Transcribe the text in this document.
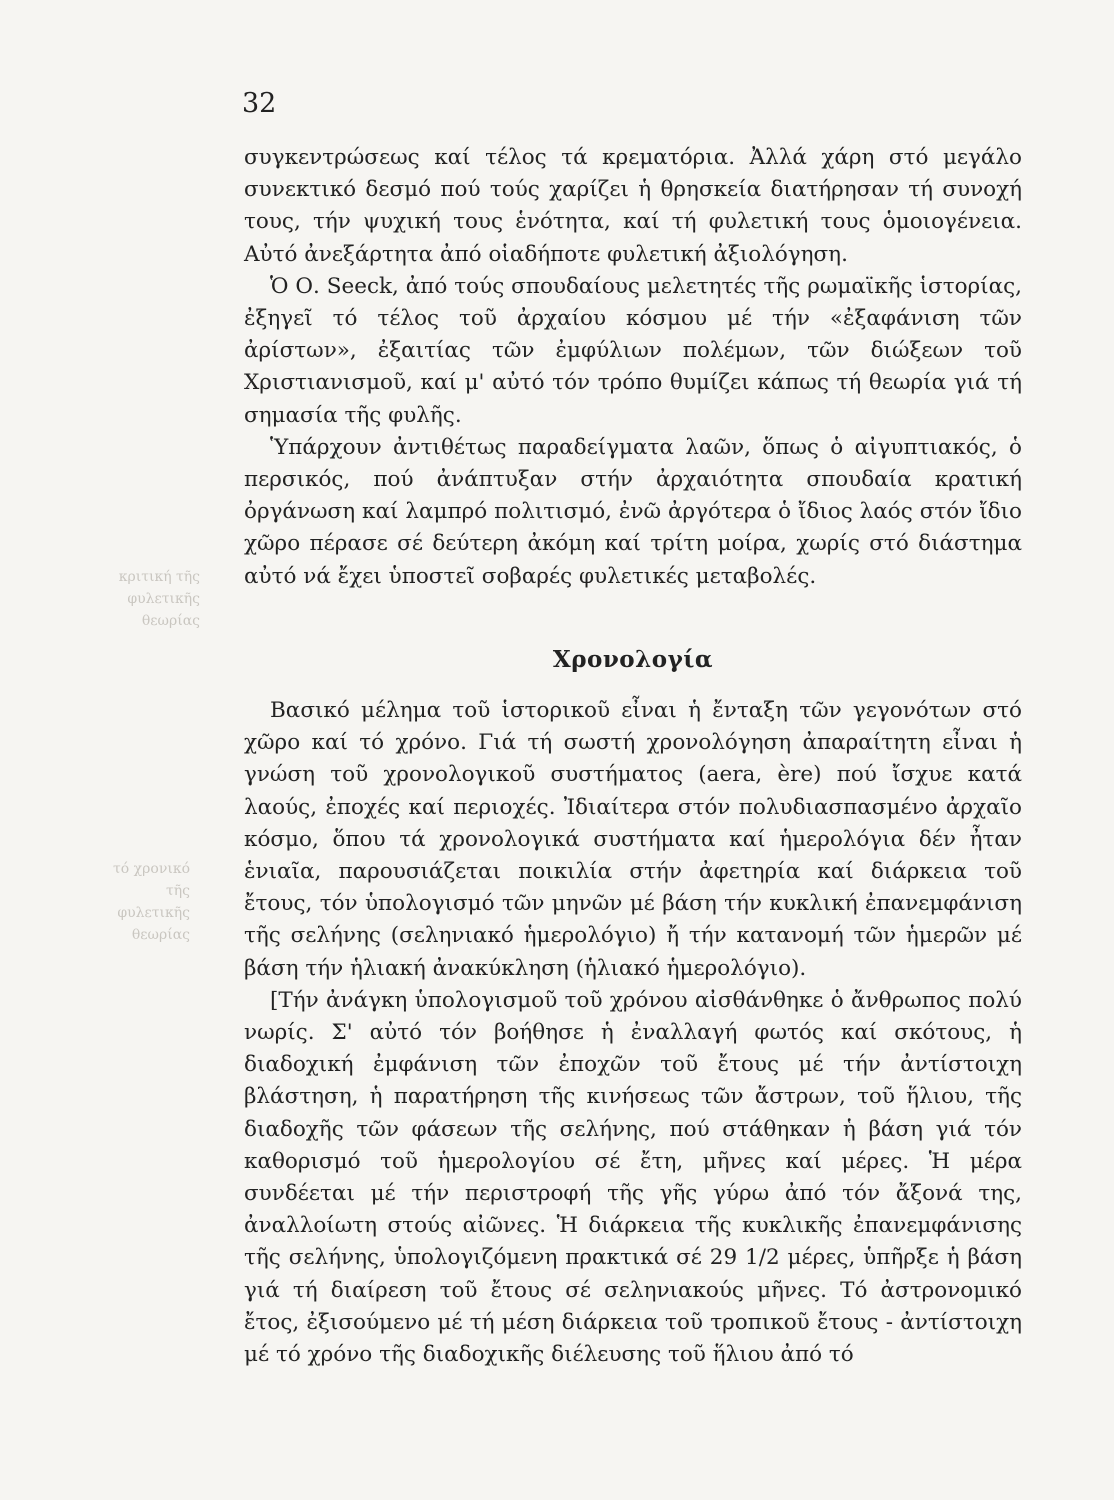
32
κριτική τῆς φυλετικῆς θεωρίας
τό χρονικό τῆς φυλετικῆς θεωρίας

συγκεντρώσεως καί τέλος τά κρεματόρια. Ἀλλά χάρη στό μεγάλο συνεκτικό δεσμό πού τούς χαρίζει ἡ θρησκεία διατήρησαν τή συνοχή τους, τήν ψυχική τους ἑνότητα, καί τή φυλετική τους ὁμοιογένεια. Αὐτό ἀνεξάρτητα ἀπό οἱαδήποτε φυλετική ἀξιολόγηση.

Ὁ Ο. Seeck, ἀπό τούς σπουδαίους μελετητές τῆς ρωμαϊκῆς ἱστορίας, ἐξηγεῖ τό τέλος τοῦ ἀρχαίου κόσμου μέ τήν «ἐξαφάνιση τῶν ἀρίστων», ἐξαιτίας τῶν ἐμφύλιων πολέμων, τῶν διώξεων τοῦ Χριστιανισμοῦ, καί μ' αὐτό τόν τρόπο θυμίζει κάπως τή θεωρία γιά τή σημασία τῆς φυλῆς.

Ὑπάρχουν ἀντιθέτως παραδείγματα λαῶν, ὅπως ὁ αἰγυπτιακός, ὁ περσικός, πού ἀνάπτυξαν στήν ἀρχαιότητα σπουδαία κρατική ὀργάνωση καί λαμπρό πολιτισμό, ἐνῶ ἀργότερα ὁ ἴδιος λαός στόν ἴδιο χῶρο πέρασε σέ δεύτερη ἀκόμη καί τρίτη μοίρα, χωρίς στό διάστημα αὐτό νά ἔχει ὑποστεῖ σοβαρές φυλετικές μεταβολές.

Χρονολογία

Βασικό μέλημα τοῦ ἱστορικοῦ εἶναι ἡ ἔνταξη τῶν γεγονότων στό χῶρο καί τό χρόνο. Γιά τή σωστή χρονολόγηση ἀπαραίτητη εἶναι ἡ γνώση τοῦ χρονολογικοῦ συστήματος (aera, ère) πού ἴσχυε κατά λαούς, ἐποχές καί περιοχές. Ἰδιαίτερα στόν πολυδιασπασμένο ἀρχαῖο κόσμο, ὅπου τά χρονολογικά συστήματα καί ἡμερολόγια δέν ἦταν ἑνιαῖα, παρουσιάζεται ποικιλία στήν ἀφετηρία καί διάρκεια τοῦ ἔτους, τόν ὑπολογισμό τῶν μηνῶν μέ βάση τήν κυκλική ἐπανεμφάνιση τῆς σελήνης (σεληνιακό ἡμερολόγιο) ἤ τήν κατανομή τῶν ἡμερῶν μέ βάση τήν ἡλιακή ἀνακύκληση (ἡλιακό ἡμερολόγιο).

[Τήν ἀνάγκη ὑπολογισμοῦ τοῦ χρόνου αἰσθάνθηκε ὁ ἄνθρωπος πολύ νωρίς. Σ' αὐτό τόν βοήθησε ἡ ἐναλλαγή φωτός καί σκότους, ἡ διαδοχική ἐμφάνιση τῶν ἐποχῶν τοῦ ἔτους μέ τήν ἀντίστοιχη βλάστηση, ἡ παρατήρηση τῆς κινήσεως τῶν ἄστρων, τοῦ ἥλιου, τῆς διαδοχῆς τῶν φάσεων τῆς σελήνης, πού στάθηκαν ἡ βάση γιά τόν καθορισμό τοῦ ἡμερολογίου σέ ἔτη, μῆνες καί μέρες. Ἡ μέρα συνδέεται μέ τήν περιστροφή τῆς γῆς γύρω ἀπό τόν ἄξονά της, ἀναλλοίωτη στούς αἰῶνες. Ἡ διάρκεια τῆς κυκλικῆς ἐπανεμφάνισης τῆς σελήνης, ὑπολογιζόμενη πρακτικά σέ 29 1/2 μέρες, ὑπῆρξε ἡ βάση γιά τή διαίρεση τοῦ ἔτους σέ σεληνιακούς μῆνες. Τό ἀστρονομικό ἔτος, ἐξισούμενο μέ τή μέση διάρκεια τοῦ τροπικοῦ ἔτους - ἀντίστοιχη μέ τό χρόνο τῆς διαδοχικῆς διέλευσης τοῦ ἥλιου ἀπό τό
